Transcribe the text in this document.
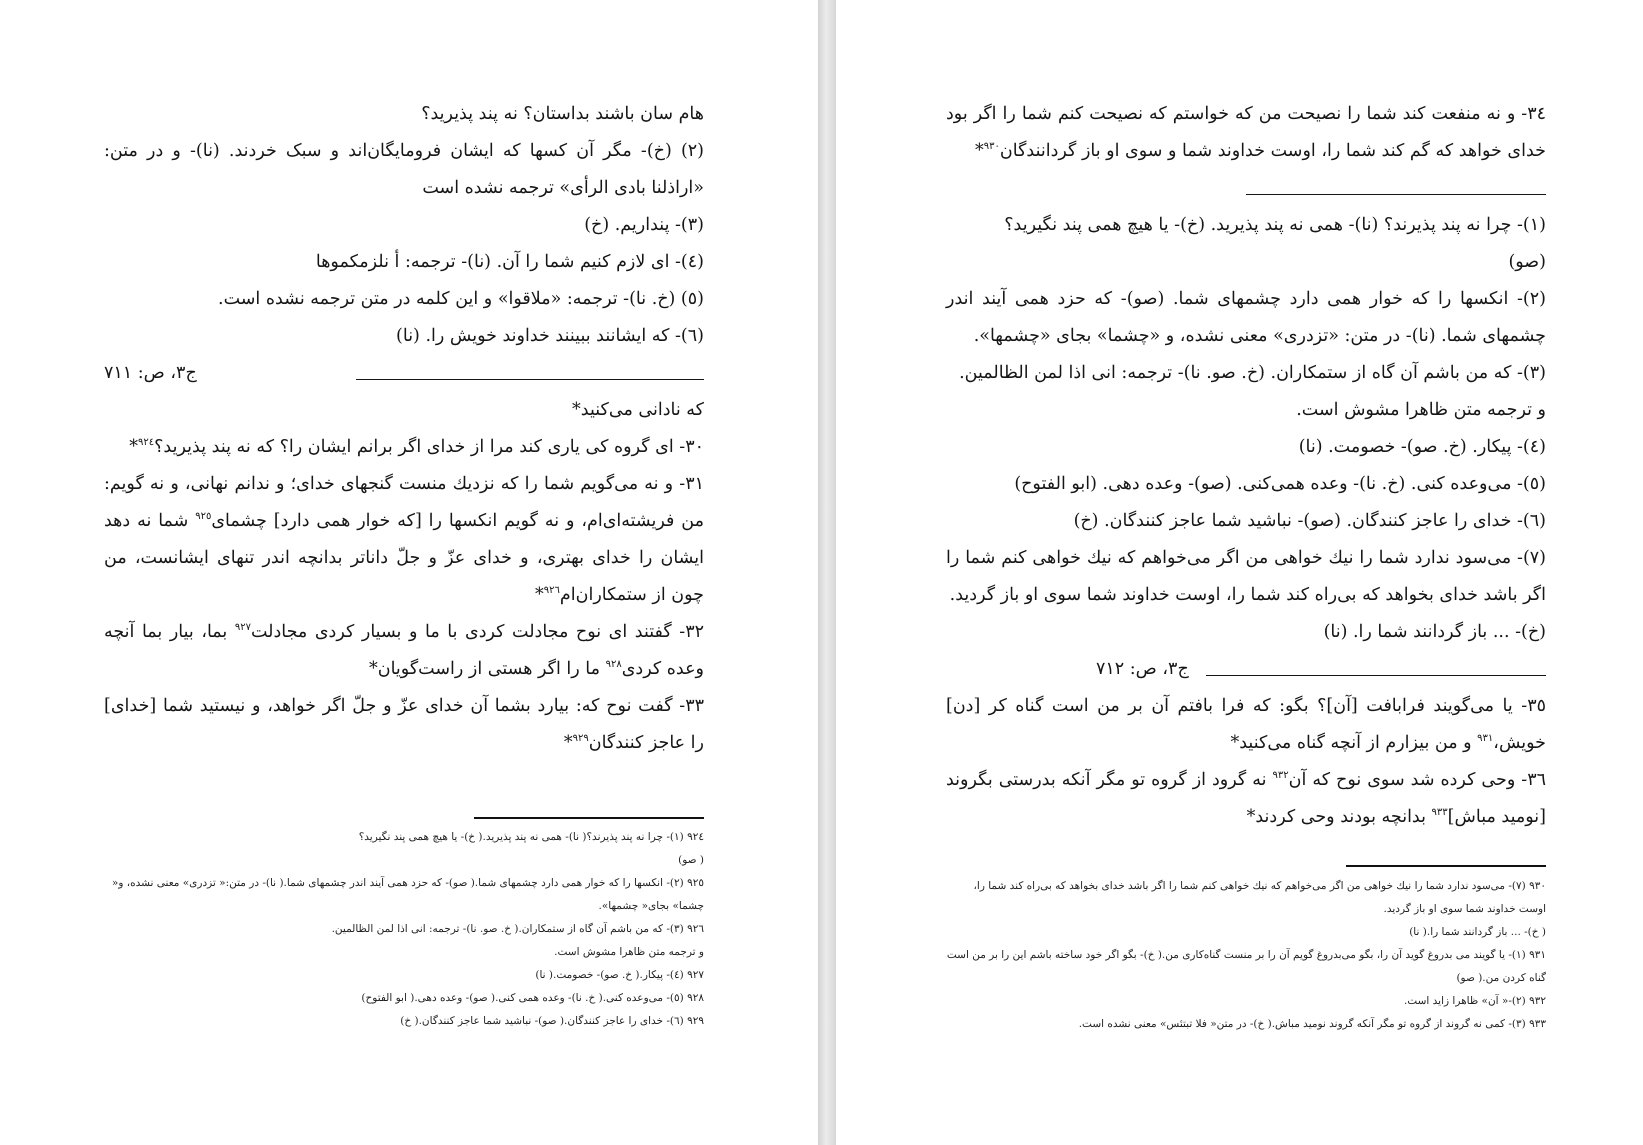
هام سان باشند بداستان؟ نه پند پذیرید؟

(۲) (خ)- مگر آن کسها که ایشان فرومایگان‌اند و سبک خردند. (نا)- و در متن: «اراذلنا بادی الرأی» ترجمه نشده است

(۳)- پنداریم. (خ)

(٤)- ای لازم کنیم شما را آن. (نا)- ترجمه: أ نلزمکموها

(٥) (خ. نا)- ترجمه: «ملاقوا» و این کلمه در متن ترجمه نشده است.

(٦)- که ایشانند ببینند خداوند خویش را. (نا)

ج۳، ص: ۷۱۱

که نادانی می‌کنید*

۳۰- ای گروه کی یاری کند مرا از خدای اگر برانم ایشان را؟ که نه پند پذیرید؟$^{۹۲٤}$*

۳۱- و نه می‌گویم شما را که نزدیك منست گنجهای خدای؛ و ندانم نهانی، و نه گویم: من فریشته‌ای‌ام، و نه گویم انکسها را [که خوار همی دارد] چشمای$^{۹۲٥}$ شما نه دهد ایشان را خدای بهتری، و خدای عزّ و جلّ داناتر بدانچه اندر تنهای ایشانست، من چون از ستمکاران‌ام$^{۹۲٦}$*

۳۲- گفتند ای نوح مجادلت کردی با ما و بسیار کردی مجادلت$^{۹۲۷}$ بما، بیار بما آنچه وعده کردی$^{۹۲۸}$ ما را اگر هستی از راست‌گویان*

۳۳- گفت نوح که: بیارد بشما آن خدای عزّ و جلّ اگر خواهد، و نیستید شما [خدای] را عاجز کنندگان$^{۹۲۹}$*

۹۲٤ (۱)- چرا نه پند پذیرند؟( نا)- همی نه پند پذیرید.( خ)- یا هیچ همی پند نگیرید؟

( صو)

۹۲٥ (۲)- انکسها را که خوار همی دارد چشمهای شما.( صو)- که حزد همی آیند اندر چشمهای شما.( نا)- در متن:« تزدری» معنی نشده، و« چشما» بجای« چشمها».

۹۲٦ (۳)- که من باشم آن گاه از ستمکاران.( خ. صو. نا)- ترجمه: انی اذا لمن الظالمین.

و ترجمه متن ظاهرا مشوش است.

۹۲۷ (٤)- پیکار.( خ. صو)- خصومت.( نا)

۹۲۸ (٥)- می‌وعده کنی.( خ. نا)- وعده همی کنی.( صو)- وعده دهی.( ابو الفتوح)

۹۲۹ (٦)- خدای را عاجز کنندگان.( صو)- نباشید شما عاجز کنندگان.( خ)

۳٤- و نه منفعت کند شما را نصیحت من که خواستم که نصیحت کنم شما را اگر بود خدای خواهد که گم کند شما را، اوست خداوند شما و سوی او باز گردانندگان$^{۹۳۰}$*

(۱)- چرا نه پند پذیرند؟ (نا)- همی نه پند پذیرید. (خ)- یا هیچ همی پند نگیرید؟

(صو)

(۲)- انکسها را که خوار همی دارد چشمهای شما. (صو)- که حزد همی آیند اندر چشمهای شما. (نا)- در متن: «تزدری» معنی نشده، و «چشما» بجای «چشمها».

(۳)- که من باشم آن گاه از ستمکاران. (خ. صو. نا)- ترجمه: انی اذا لمن الظالمین.

و ترجمه متن ظاهرا مشوش است.

(٤)- پیکار. (خ. صو)- خصومت. (نا)

(٥)- می‌وعده کنی. (خ. نا)- وعده همی‌کنی. (صو)- وعده دهی. (ابو الفتوح)

(٦)- خدای را عاجز کنندگان. (صو)- نباشید شما عاجز کنندگان. (خ)

(۷)- می‌سود ندارد شما را نیك خواهی من اگر می‌خواهم که نیك خواهی کنم شما را اگر باشد خدای بخواهد که بی‌راه کند شما را، اوست خداوند شما سوی او باز گردید.

(خ)- ... باز گردانند شما را. (نا)

ج۳، ص: ۷۱۲

۳٥- یا می‌گویند فرابافت [آن]؟ بگو: که فرا بافتم آن بر من است گناه کر [دن] خویش،$^{۹۳۱}$ و من بیزارم از آنچه گناه می‌کنید*

۳٦- وحی کرده شد سوی نوح که آن$^{۹۳۲}$ نه گرود از گروه تو مگر آنکه بدرستی بگروند [نومید مباش]$^{۹۳۳}$ بدانچه بودند وحی کردند*

۹۳۰ (۷)- می‌سود ندارد شما را نیك خواهی من اگر می‌خواهم که نیك خواهی کنم شما را اگر باشد خدای بخواهد که بی‌راه کند شما را، اوست خداوند شما سوی او باز گردید.

( خ)- ... باز گردانند شما را.( نا)

۹۳۱ (۱)- یا گویند می بدروغ گوید آن را، بگو می‌بدروغ گویم آن را بر منست گناه‌کاری من.( خ)- بگو اگر خود ساخته باشم این را بر من است گناه کردن من.( صو)

۹۳۲ (۲)-« آن» ظاهرا زاید است.

۹۳۳ (۳)- کمی نه گروند از گروه تو مگر آنکه گروند نومید مباش.( خ)- در متن« فلا تبتئس» معنی نشده است.
